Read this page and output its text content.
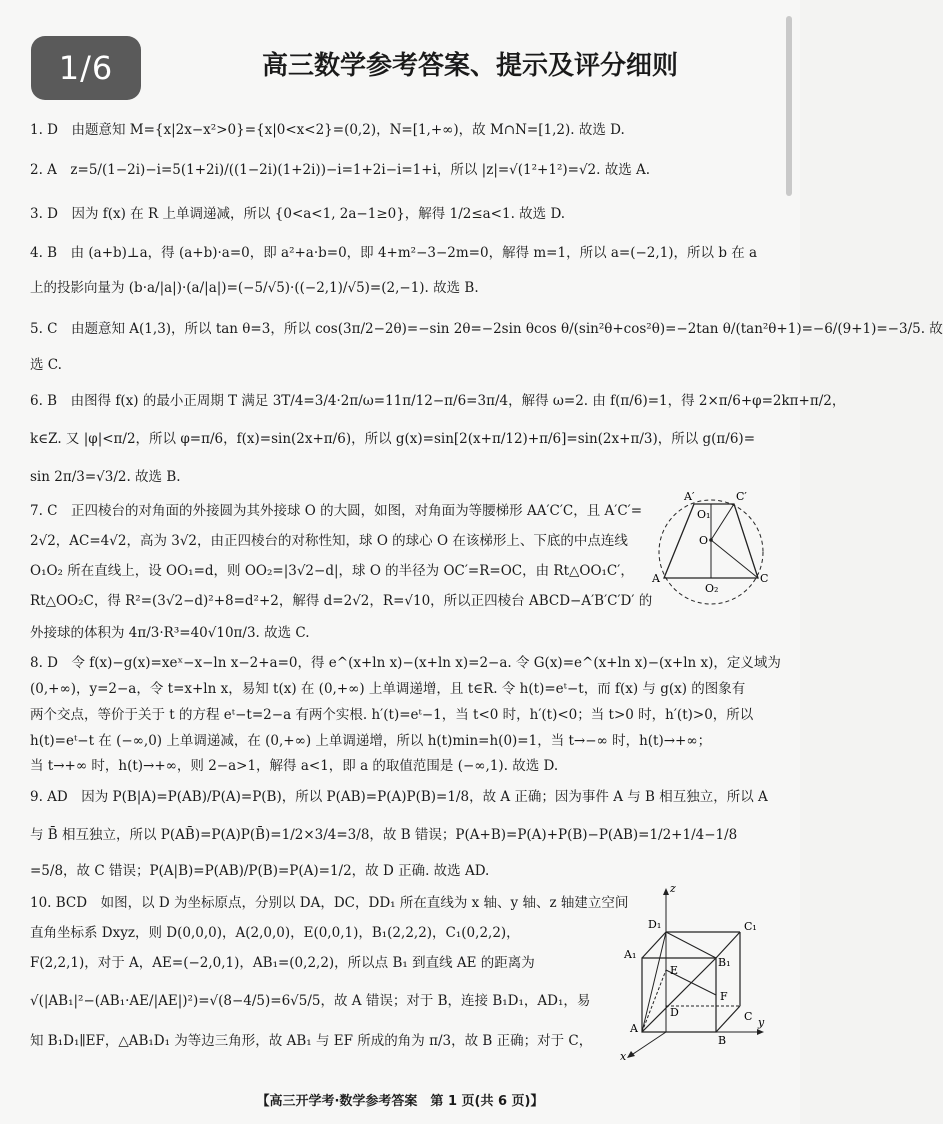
1/6	高三数学参考答案、提示及评分细则

1. D　由题意知 M={x|2x−x²>0}={x|0<x<2}=(0,2)，N=[1,+∞)，故 M∩N=[1,2). 故选 D.

2. A　z=5/(1−2i)−i=5(1+2i)/((1−2i)(1+2i))−i=1+2i−i=1+i，所以 |z|=√(1²+1²)=√2. 故选 A.

3. D　因为 f(x) 在 R 上单调递减，所以 {0<a<1, 2a−1≥0}，解得 1/2≤a<1. 故选 D.

4. B　由 (a+b)⊥a，得 (a+b)·a=0，即 a²+a·b=0，即 4+m²−3−2m=0，解得 m=1，所以 a=(−2,1)，所以 b 在 a

上的投影向量为 (b·a/|a|)·(a/|a|)=(−5/√5)·((−2,1)/√5)=(2,−1). 故选 B.

5. C　由题意知 A(1,3)，所以 tan θ=3，所以 cos(3π/2−2θ)=−sin 2θ=−2sin θcos θ/(sin²θ+cos²θ)=−2tan θ/(tan²θ+1)=−6/(9+1)=−3/5. 故

选 C.

6. B　由图得 f(x) 的最小正周期 T 满足 3T/4=3/4·2π/ω=11π/12−π/6=3π/4，解得 ω=2. 由 f(π/6)=1，得 2×π/6+φ=2kπ+π/2，

k∈Z. 又 |φ|<π/2，所以 φ=π/6，f(x)=sin(2x+π/6)，所以 g(x)=sin[2(x+π/12)+π/6]=sin(2x+π/3)，所以 g(π/6)=

sin 2π/3=√3/2. 故选 B.

7. C　正四棱台的对角面的外接圆为其外接球 O 的大圆，如图，对角面为等腰梯形 AA′C′C，且 A′C′=

2√2，AC=4√2，高为 3√2，由正四棱台的对称性知，球 O 的球心 O 在该梯形上、下底的中点连线

O₁O₂ 所在直线上，设 OO₁=d，则 OO₂=|3√2−d|，球 O 的半径为 OC′=R=OC，由 Rt△OO₁C′，

Rt△OO₂C，得 R²=(3√2−d)²+8=d²+2，解得 d=2√2，R=√10，所以正四棱台 ABCD−A′B′C′D′ 的

外接球的体积为 4π/3·R³=40√10π/3. 故选 C.

A′	C′
O₁
O
O₂
A	C

8. D　令 f(x)−g(x)=xeˣ−x−ln x−2+a=0，得 e^(x+ln x)−(x+ln x)=2−a. 令 G(x)=e^(x+ln x)−(x+ln x)，定义域为

(0,+∞)，y=2−a，令 t=x+ln x，易知 t(x) 在 (0,+∞) 上单调递增，且 t∈R. 令 h(t)=eᵗ−t，而 f(x) 与 g(x) 的图象有

两个交点，等价于关于 t 的方程 eᵗ−t=2−a 有两个实根. h′(t)=eᵗ−1，当 t<0 时，h′(t)<0；当 t>0 时，h′(t)>0，所以

h(t)=eᵗ−t 在 (−∞,0) 上单调递减，在 (0,+∞) 上单调递增，所以 h(t)min=h(0)=1，当 t→−∞ 时，h(t)→+∞；

当 t→+∞ 时，h(t)→+∞，则 2−a>1，解得 a<1，即 a 的取值范围是 (−∞,1). 故选 D.

9. AD　因为 P(B|A)=P(AB)/P(A)=P(B)，所以 P(AB)=P(A)P(B)=1/8，故 A 正确；因为事件 A 与 B 相互独立，所以 A

与 B̄ 相互独立，所以 P(AB̄)=P(A)P(B̄)=1/2×3/4=3/8，故 B 错误；P(A+B)=P(A)+P(B)−P(AB)=1/2+1/4−1/8

=5/8，故 C 错误；P(A|B)=P(AB)/P(B)=P(A)=1/2，故 D 正确. 故选 AD.

10. BCD　如图，以 D 为坐标原点，分别以 DA，DC，DD₁ 所在直线为 x 轴、y 轴、z 轴建立空间

直角坐标系 Dxyz，则 D(0,0,0)，A(2,0,0)，E(0,0,1)，B₁(2,2,2)，C₁(0,2,2)，

F(2,2,1)，对于 A，AE=(−2,0,1)，AB₁=(0,2,2)，所以点 B₁ 到直线 AE 的距离为

√(|AB₁|²−(AB₁·AE/|AE|)²)=√(8−4/5)=6√5/5，故 A 错误；对于 B，连接 B₁D₁，AD₁，易

知 B₁D₁∥EF，△AB₁D₁ 为等边三角形，故 AB₁ 与 EF 所成的角为 π/3，故 B 正确；对于 C，

z
D₁	C₁
A₁
B₁
E
F
D	C y
A
B
x
【高三开学考·数学参考答案　第 1 页(共 6 页)】
